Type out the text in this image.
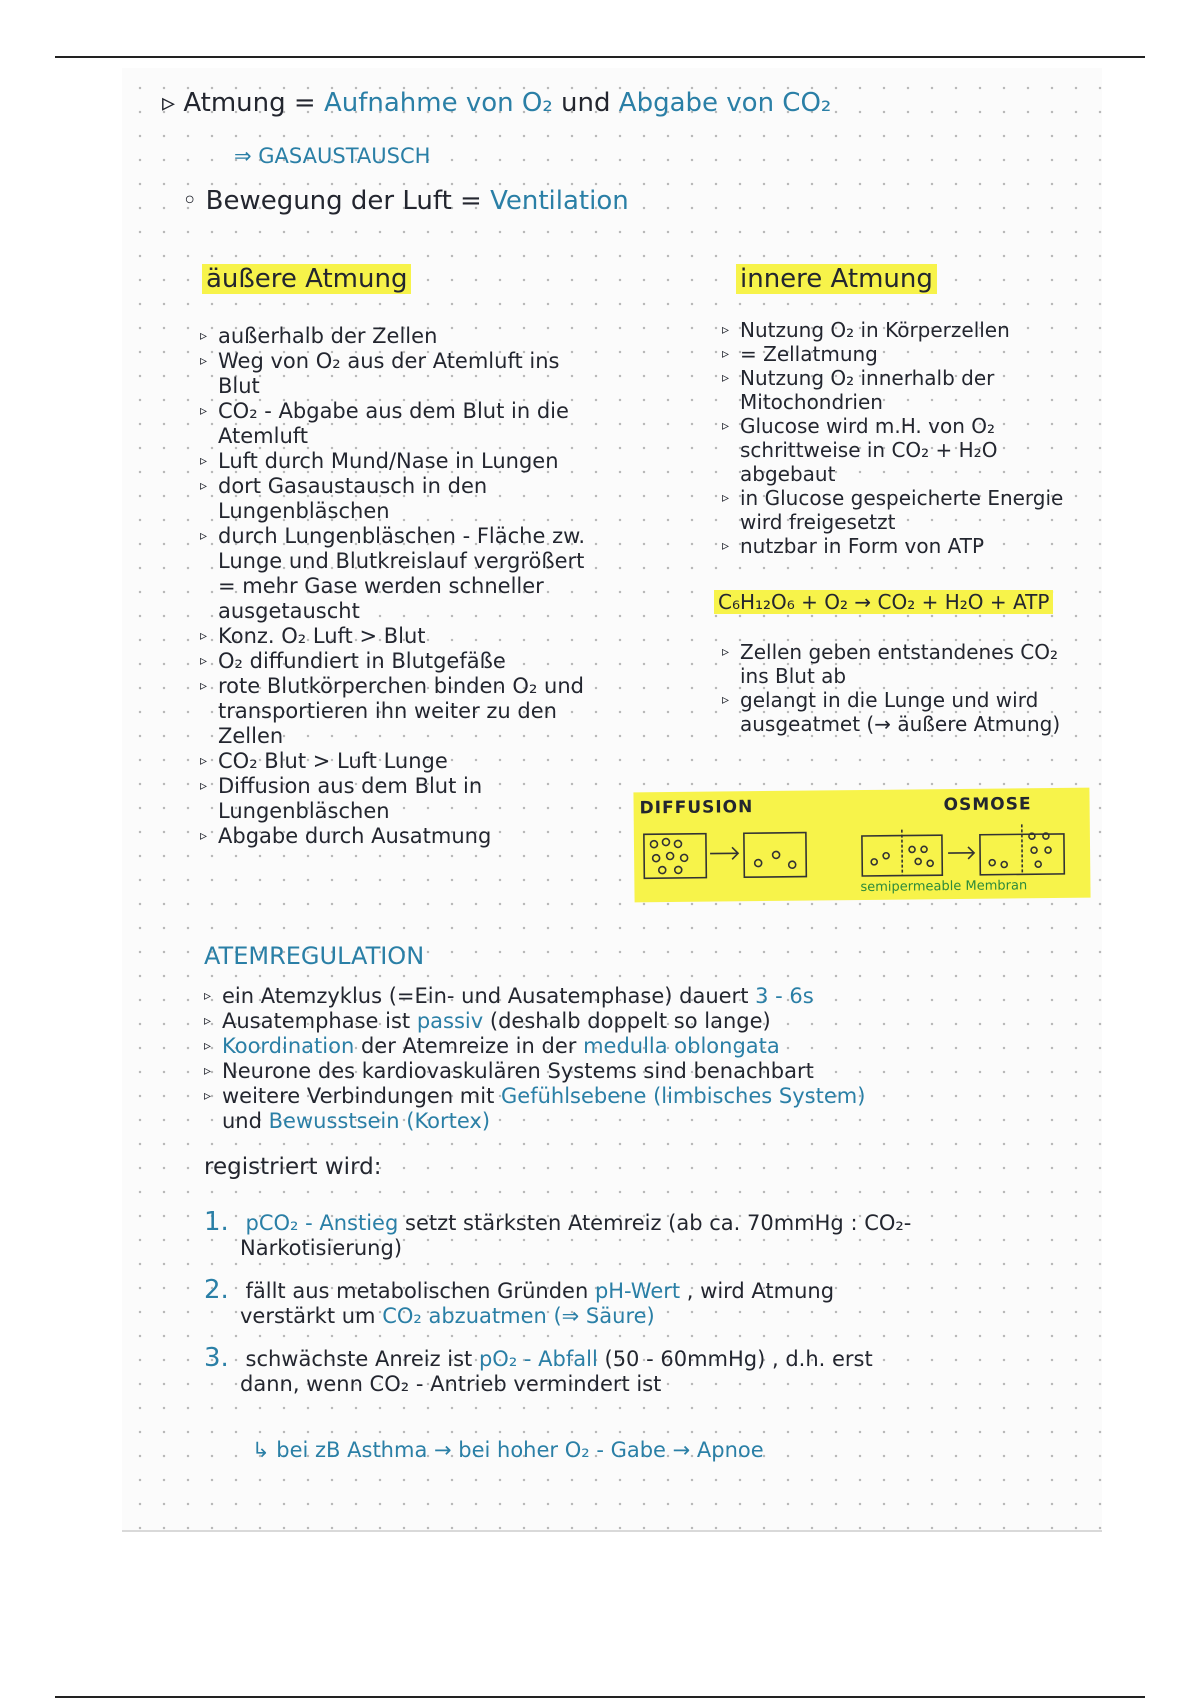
▹ Atmung = Aufnahme von O₂ und Abgabe von CO₂
⇒ GASAUSTAUSCH
◦ Bewegung der Luft = Ventilation
äußere Atmung
▹ außerhalb der Zellen
▹ Weg von O₂ aus der Atemluft ins Blut
▹ CO₂ - Abgabe aus dem Blut in die Atemluft
▹ Luft durch Mund/Nase in Lungen
▹ dort Gasaustausch in den Lungenbläschen
▹ durch Lungenbläschen - Fläche zw. Lunge und Blutkreislauf vergrößert = mehr Gase werden schneller ausgetauscht
▹ Konz. O₂ Luft > Blut
▹ O₂ diffundiert in Blutgefäße
▹ rote Blutkörperchen binden O₂ und transportieren ihn weiter zu den Zellen
▹ CO₂ Blut > Luft Lunge
▹ Diffusion aus dem Blut in Lungenbläschen
▹ Abgabe durch Ausatmung
innere Atmung
▹ Nutzung O₂ in Körperzellen
▹ = Zellatmung
▹ Nutzung O₂ innerhalb der Mitochondrien
▹ Glucose wird m.H. von O₂ schrittweise in CO₂ + H₂O abgebaut
▹ in Glucose gespeicherte Energie wird freigesetzt
▹ nutzbar in Form von ATP
C₆H₁₂O₆ + O₂ → CO₂ + H₂O + ATP
▹ Zellen geben entstandenes CO₂ ins Blut ab
▹ gelangt in die Lunge und wird ausgeatmet (→ äußere Atmung)
ATEMREGULATION
▹ ein Atemzyklus (=Ein- und Ausatemphase) dauert 3 - 6s
▹ Ausatemphase ist passiv (deshalb doppelt so lange)
▹ Koordination der Atemreize in der medulla oblongata
▹ Neurone des kardiovaskulären Systems sind benachbart
▹ weitere Verbindungen mit Gefühlsebene (limbisches System)
und Bewusstsein (Kortex)
registriert wird:
1. pCO₂ - Anstieg setzt stärksten Atemreiz (ab ca. 70mmHg : CO₂-
Narkotisierung)
2. fällt aus metabolischen Gründen pH-Wert , wird Atmung
verstärkt um CO₂ abzuatmen (⇒ Säure)
3. schwächste Anreiz ist pO₂ - Abfall (50 - 60mmHg) , d.h. erst
dann, wenn CO₂ - Antrieb vermindert ist
↳ bei zB Asthma → bei hoher O₂ - Gabe → Apnoe
DIFFUSION	OSMOSE
semipermeable Membran
